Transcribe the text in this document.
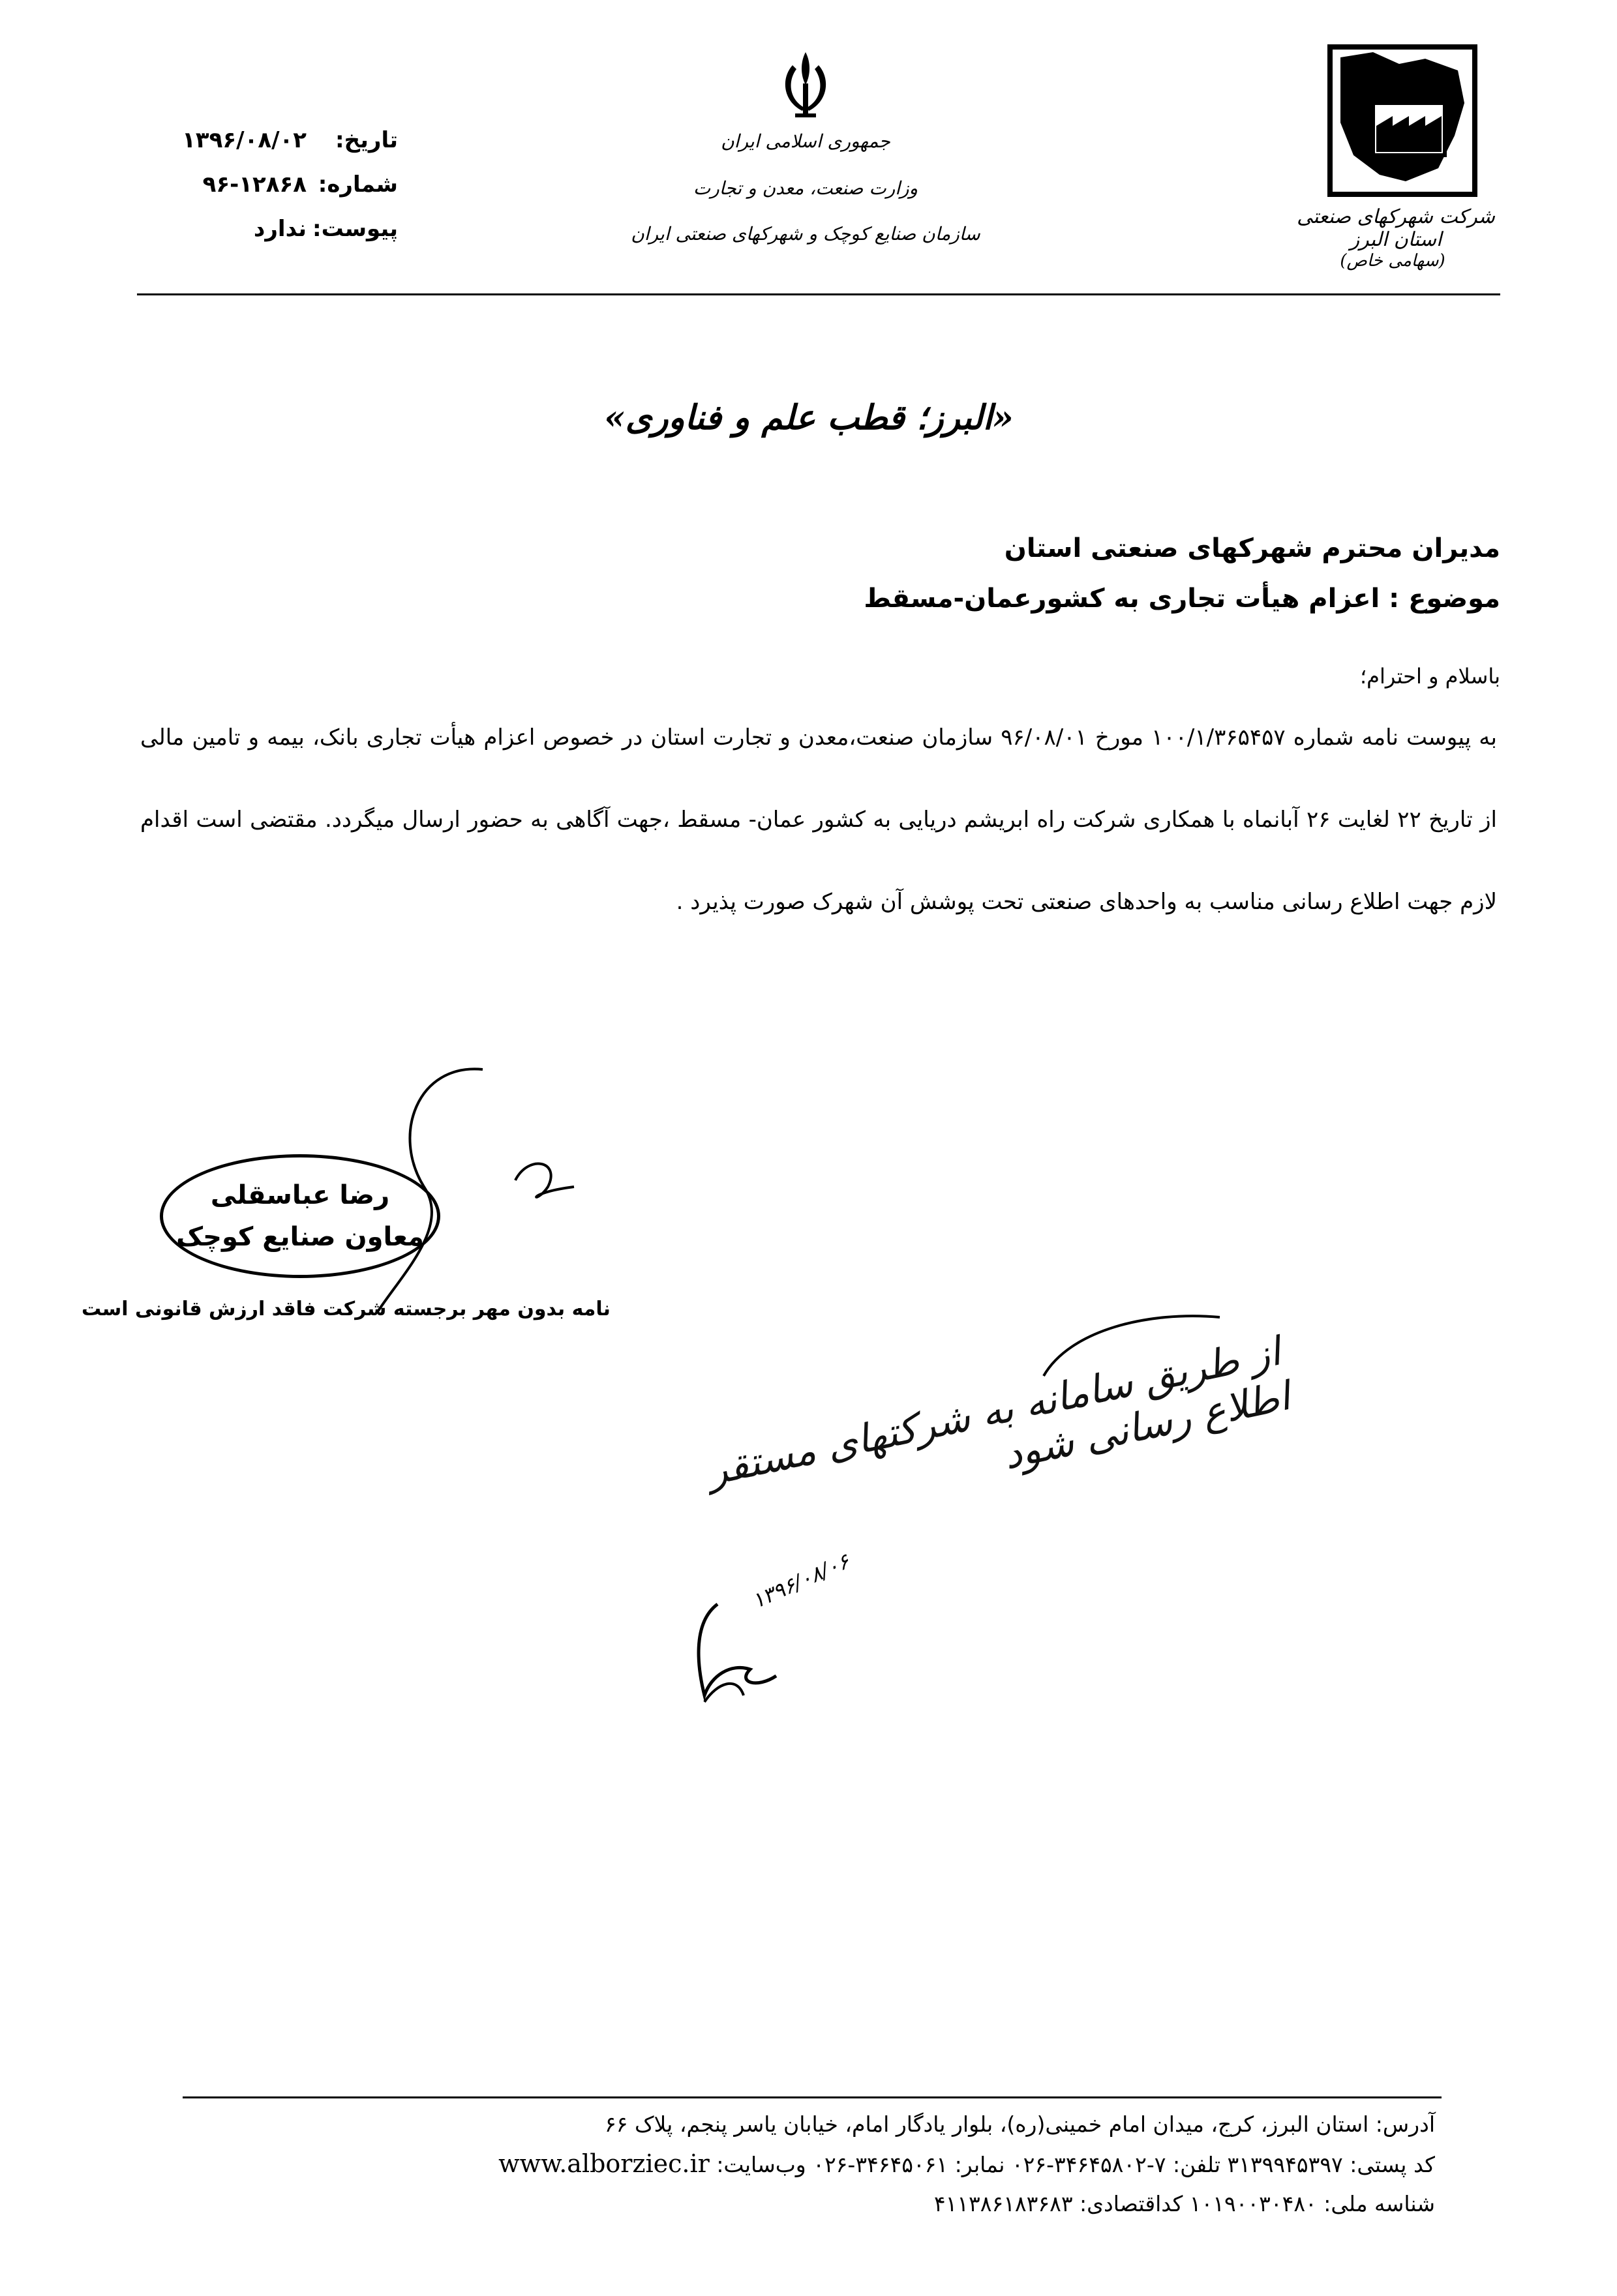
تاریخ:۱۳۹۶/۰۸/۰۲
شماره:۹۶-۱۲۸۶۸
پیوست:ندارد
جمهوری اسلامی ایران
وزارت صنعت، معدن و تجارت
سازمان صنایع کوچک و شهرکهای صنعتی ایران
شرکت شهرکهای صنعتی استان البرز
(سهامی خاص)
«البرز؛ قطب علم و فناوری»
مدیران محترم شهرکهای صنعتی استان
موضوع : اعزام هیأت تجاری به کشورعمان-مسقط
باسلام و احترام؛
به پیوست نامه شماره ۱۰۰/۱/۳۶۵۴۵۷ مورخ ۹۶/۰۸/۰۱ سازمان صنعت،معدن و تجارت استان در خصوص اعزام هیأت تجاری بانک، بیمه و تامین مالی از تاریخ ۲۲ لغایت ۲۶ آبانماه با همکاری شرکت راه ابریشم دریایی به کشور عمان- مسقط ،جهت آگاهی به حضور ارسال میگردد. مقتضی است اقدام لازم جهت اطلاع رسانی مناسب به واحدهای صنعتی تحت پوشش آن شهرک صورت پذیرد .
رضا عباسقلی
معاون صنایع کوچک
نامه بدون مهر برجسته شرکت فاقد ارزش قانونی است
از طریق سامانه به شرکتهای مستقر اطلاع رسانی شود
۱۳۹۶/۰۸/۰۶
آدرس: استان البرز، کرج، میدان امام خمینی(ره)، بلوار یادگار امام، خیابان یاسر پنجم، پلاک ۶۶
کد پستی: ۳۱۳۹۹۴۵۳۹۷ تلفن: ۷-۳۴۶۴۵۸۰۲-۰۲۶ نمابر: ۳۴۶۴۵۰۶۱-۰۲۶ وب‌سایت: www.alborziec.ir
شناسه ملی: ۱۰۱۹۰۰۳۰۴۸۰ کداقتصادی: ۴۱۱۳۸۶۱۸۳۶۸۳
